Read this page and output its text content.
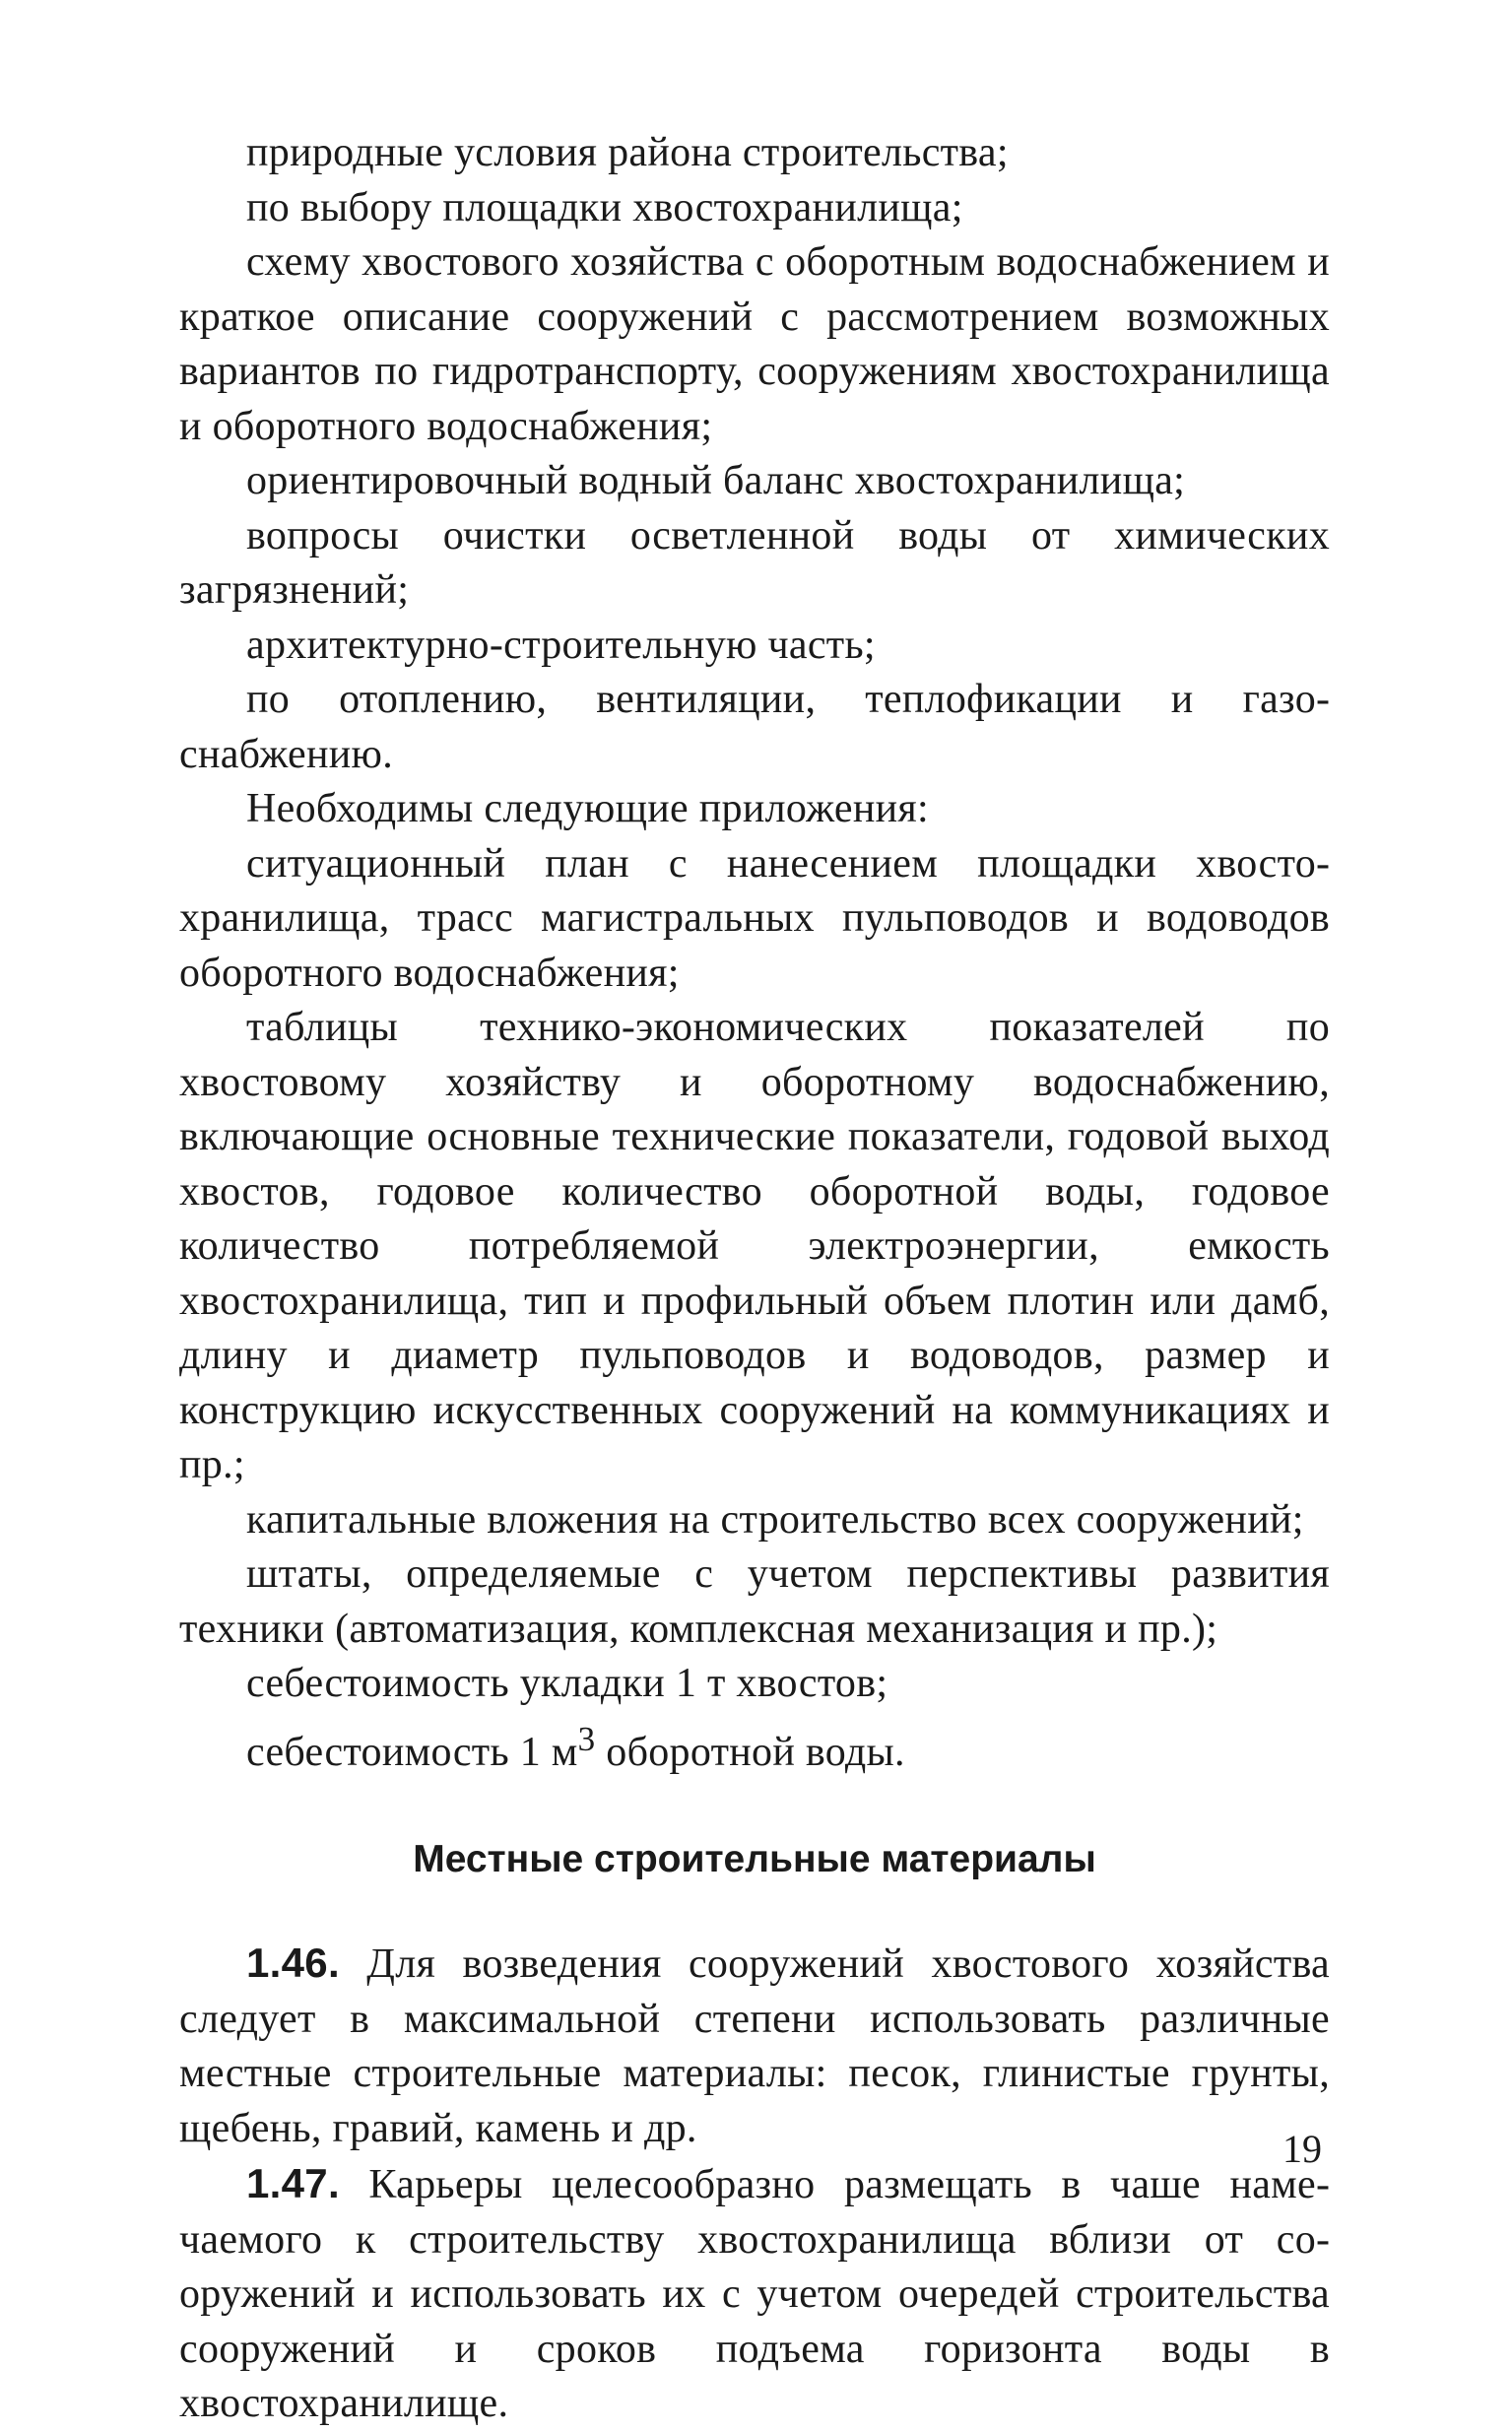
природные условия района строительства;

по выбору площадки хвостохранилища;

схему хвостового хозяйства с оборотным водоснабжением и краткое описание сооружений с рассмотрением возможных вариантов по гидротранспорту, сооружениям хвостохранилища и оборотного водоснабжения;

ориентировочный водный баланс хвостохранилища;

вопросы очистки осветленной воды от химических загрязнений;

архитектурно-строительную часть;

по отоплению, вентиляции, теплофикации и газоснабжению.

Необходимы следующие приложения:

ситуационный план с нанесением площадки хвостохранилища, трасс магистральных пульповодов и водоводов оборотного водоснабжения;

таблицы технико-экономических показателей по хвостовому хозяйству и оборотному водоснабжению, включающие основные технические показатели, годовой выход хвостов, годовое количество оборотной воды, годовое количество потребляемой электроэнергии, емкость хвостохранилища, тип и профильный объем плотин или дамб, длину и диаметр пульповодов и водоводов, размер и конструкцию искусственных сооружений на коммуникациях и пр.;

капитальные вложения на строительство всех сооружений;

штаты, определяемые с учетом перспективы развития техники (автоматизация, комплексная механизация и пр.);

себестоимость укладки 1 т хвостов;

себестоимость 1 $м^3$ оборотной воды.

Местные строительные материалы

1.46. Для возведения сооружений хвостового хозяйства следует в максимальной степени использовать различные местные строительные материалы: песок, глинистые грунты, щебень, гравий, камень и др.

1.47. Карьеры целесообразно размещать в чаше намечаемого к строительству хвостохранилища вблизи от сооружений и использовать их с учетом очередей строительства сооружений и сроков подъема горизонта воды в хвостохранилище.

19
